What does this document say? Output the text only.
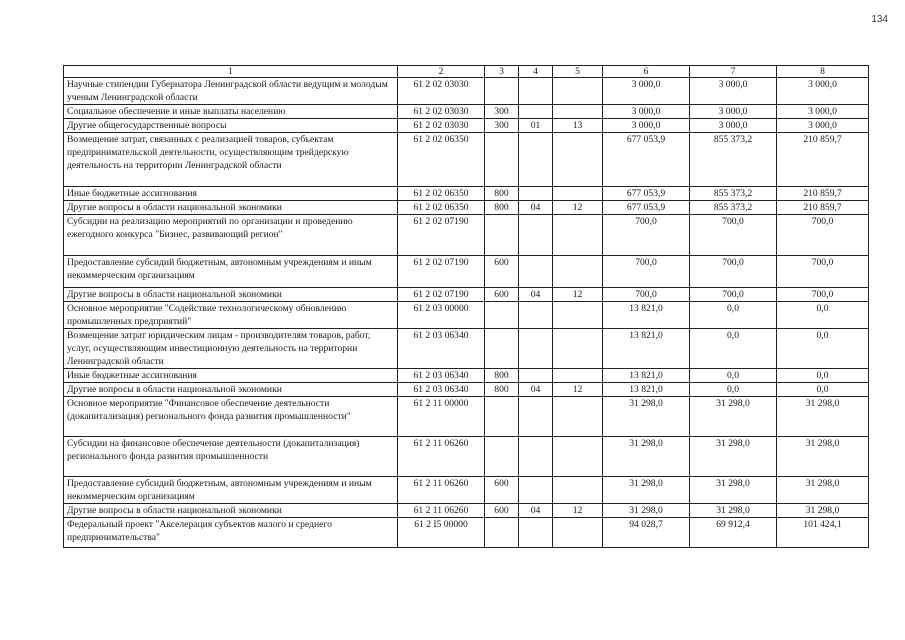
134
1	2	3	4	5	6	7	8
Научные стипендии Губернатора Ленинградской области ведущим и молодым ученым Ленинградской области	61 2 02 03030				3 000,0	3 000,0	3 000,0
Социальное обеспечение и иные выплаты населению	61 2 02 03030	300			3 000,0	3 000,0	3 000,0
Другие общегосударственные вопросы	61 2 02 03030	300	01	13	3 000,0	3 000,0	3 000,0
Возмещение затрат, связанных с реализацией товаров, субъектам предпринимательской деятельности, осуществляющим трейдерскую деятельность на территории Ленинградской области	61 2 02 06350				677 053,9	855 373,2	210 859,7
Иные бюджетные ассигнования	61 2 02 06350	800			677 053,9	855 373,2	210 859,7
Другие вопросы в области национальной экономики	61 2 02 06350	800	04	12	677 053,9	855 373,2	210 859,7
Субсидии на реализацию мероприятий по организации и проведению ежегодного конкурса "Бизнес, развивающий регион"	61 2 02 07190				700,0	700,0	700,0
Предоставление субсидий бюджетным, автономным учреждениям и иным некоммерческим организациям	61 2 02 07190	600			700,0	700,0	700,0
Другие вопросы в области национальной экономики	61 2 02 07190	600	04	12	700,0	700,0	700,0
Основное мероприятие "Содействие технологическому обновлению промышленных предприятий"	61 2 03 00000				13 821,0	0,0	0,0
Возмещение затрат юридическим лицам - производителям товаров, работ, услуг, осуществляющим инвестиционную деятельность на территории Ленинградской области	61 2 03 06340				13 821,0	0,0	0,0
Иные бюджетные ассигнования	61 2 03 06340	800			13 821,0	0,0	0,0
Другие вопросы в области национальной экономики	61 2 03 06340	800	04	12	13 821,0	0,0	0,0
Основное мероприятие "Финансовое обеспечение деятельности (докапитализация) регионального фонда развития промышленности"	61 2 11 00000				31 298,0	31 298,0	31 298,0
Субсидии на финансовое обеспечение деятельности (докапитализация) регионального фонда развития промышленности	61 2 11 06260				31 298,0	31 298,0	31 298,0
Предоставление субсидий бюджетным, автономным учреждениям и иным некоммерческим организациям	61 2 11 06260	600			31 298,0	31 298,0	31 298,0
Другие вопросы в области национальной экономики	61 2 11 06260	600	04	12	31 298,0	31 298,0	31 298,0
Федеральный проект "Акселерация субъектов малого и среднего предпринимательства"	61 2 I5 00000				94 028,7	69 912,4	101 424,1
